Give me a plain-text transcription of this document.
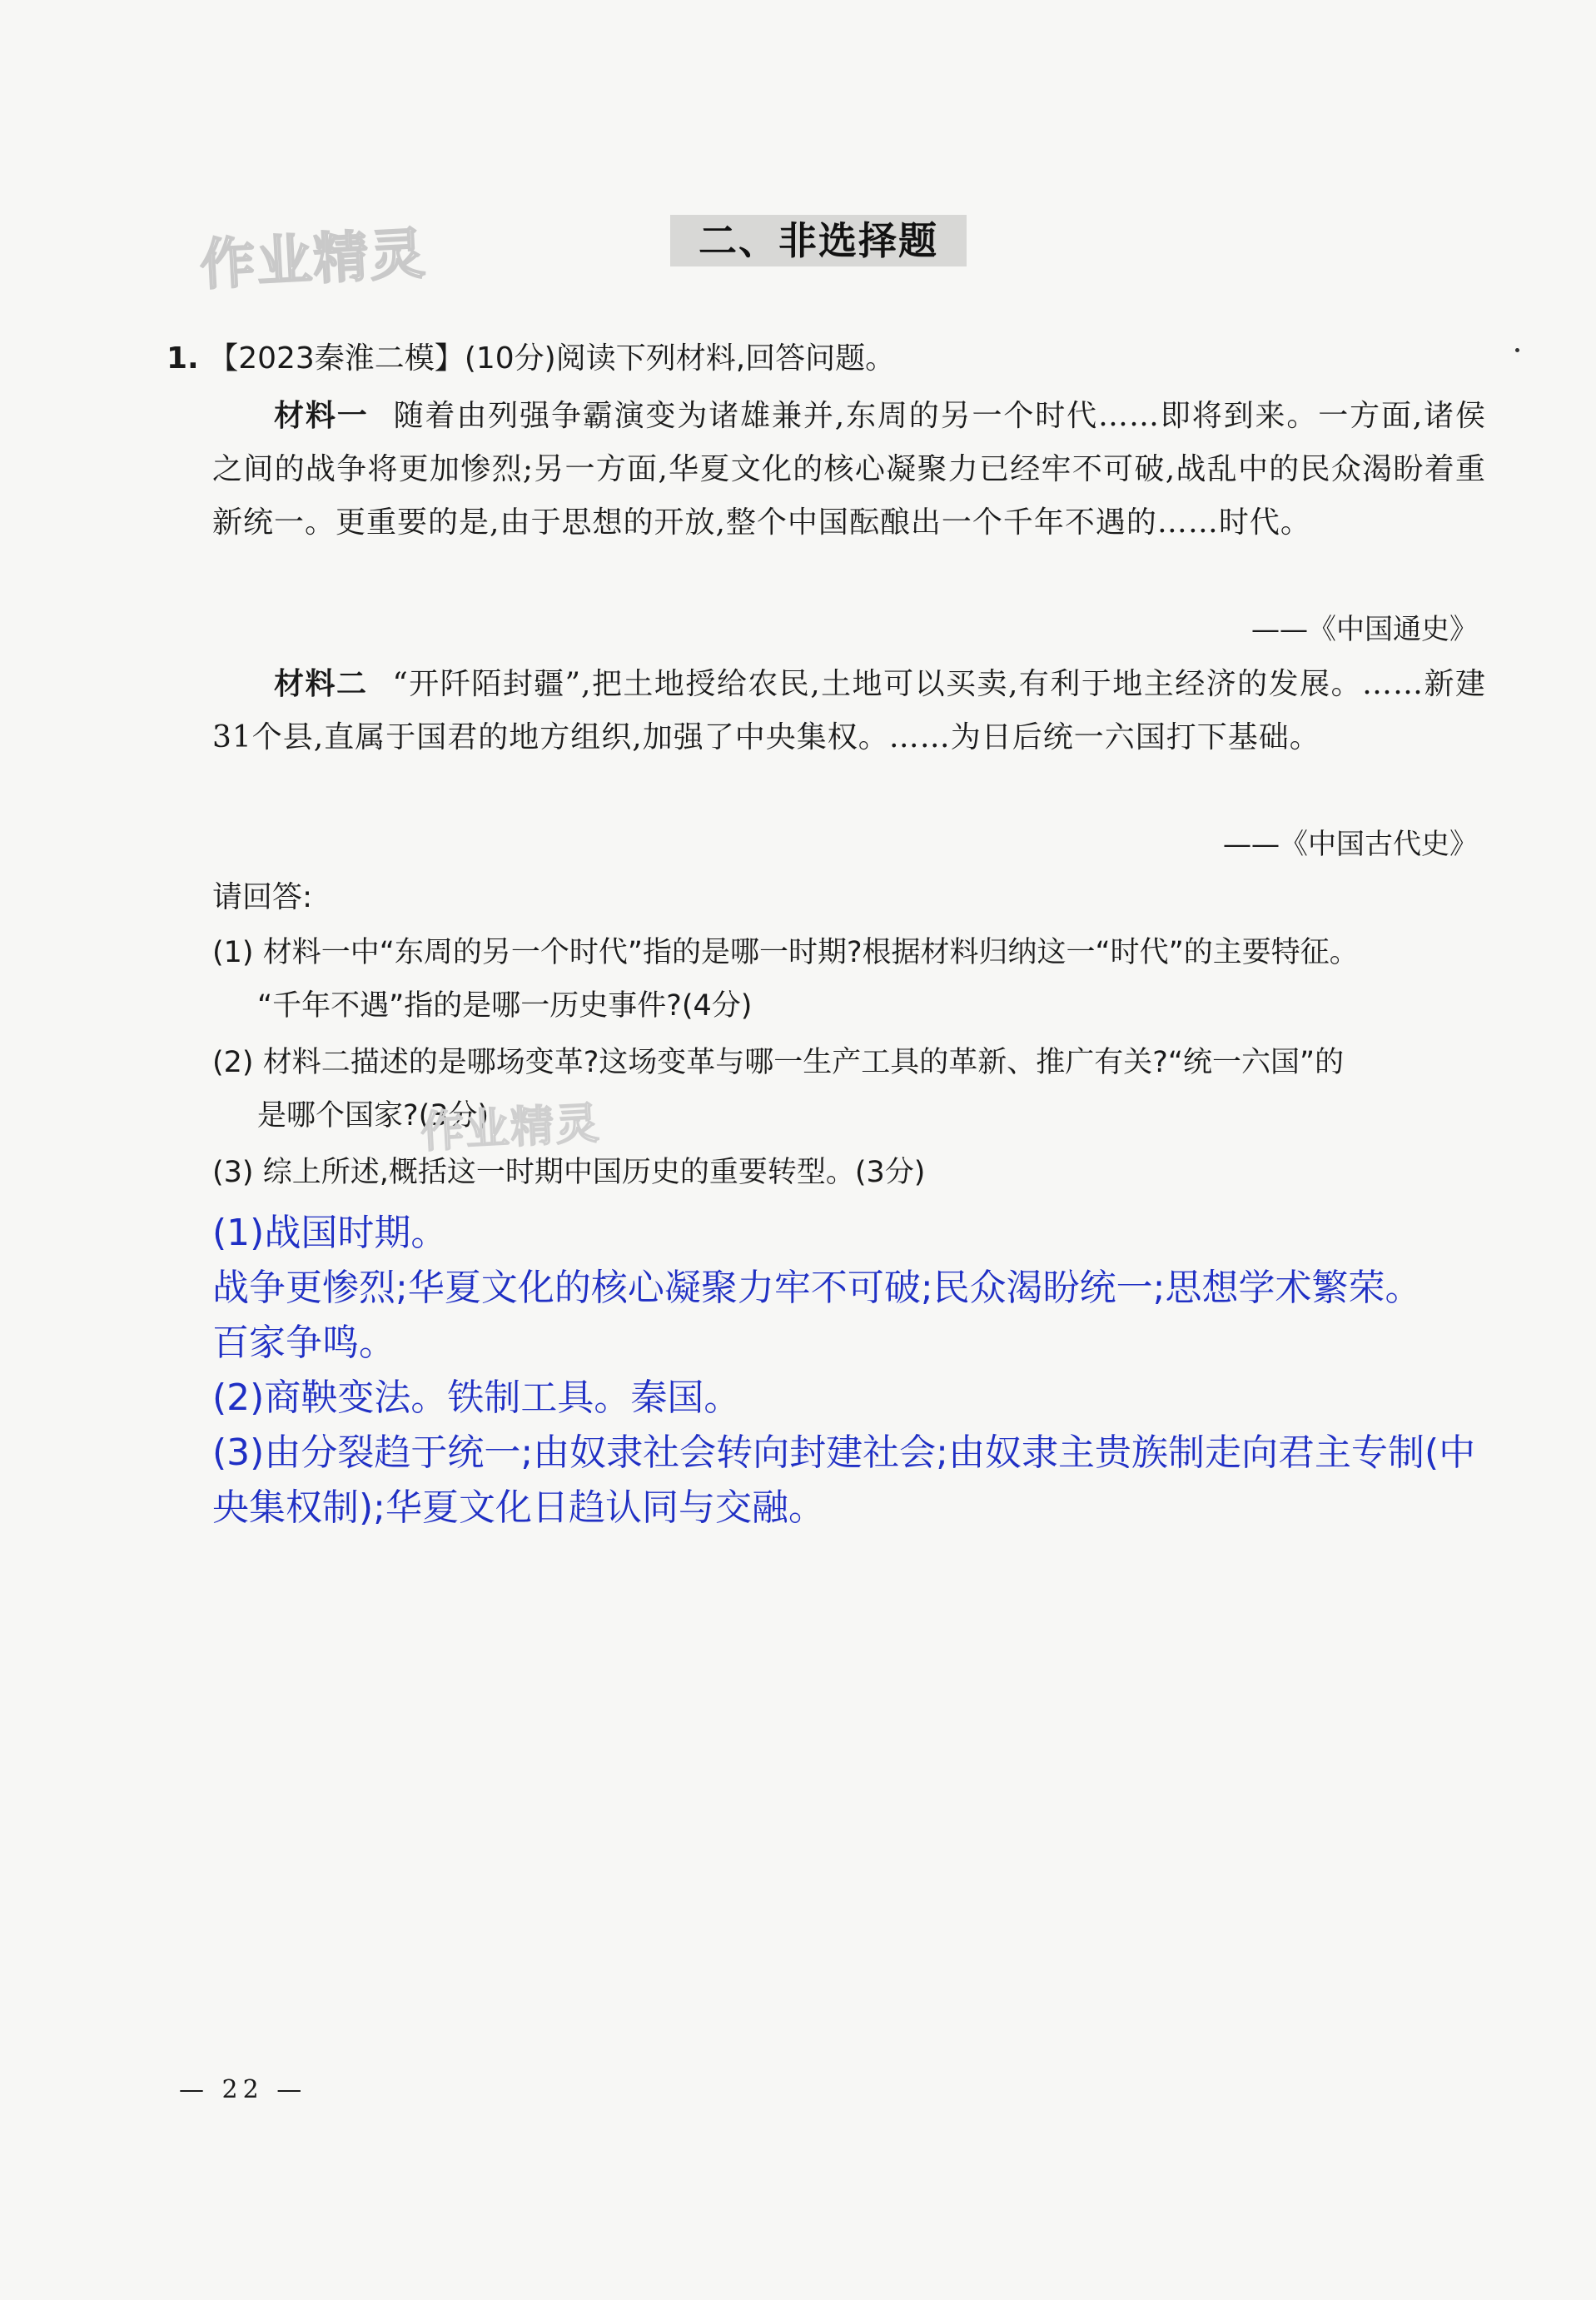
作业精灵	二、非选择题
1. 【2023秦淮二模】(10分)阅读下列材料,回答问题。
材料一 随着由列强争霸演变为诸雄兼并,东周的另一个时代……即将到来。一方面,诸侯之间的战争将更加惨烈;另一方面,华夏文化的核心凝聚力已经牢不可破,战乱中的民众渴盼着重新统一。更重要的是,由于思想的开放,整个中国酝酿出一个千年不遇的……时代。
——《中国通史》
材料二 “开阡陌封疆”,把土地授给农民,土地可以买卖,有利于地主经济的发展。……新建31个县,直属于国君的地方组织,加强了中央集权。……为日后统一六国打下基础。
——《中国古代史》
请回答:
(1) 材料一中“东周的另一个时代”指的是哪一时期?根据材料归纳这一“时代”的主要特征。
“千年不遇”指的是哪一历史事件?(4分)
(2) 材料二描述的是哪场变革?这场变革与哪一生产工具的革新、推广有关?“统一六国”的
是哪个国家?(3分)
作业精灵
(3) 综上所述,概括这一时期中国历史的重要转型。(3分)
(1)战国时期。
战争更惨烈;华夏文化的核心凝聚力牢不可破;民众渴盼统一;思想学术繁荣。
百家争鸣。
(2)商鞅变法。铁制工具。秦国。
(3)由分裂趋于统一;由奴隶社会转向封建社会;由奴隶主贵族制走向君主专制(中央集权制);华夏文化日趋认同与交融。
— 22 —
